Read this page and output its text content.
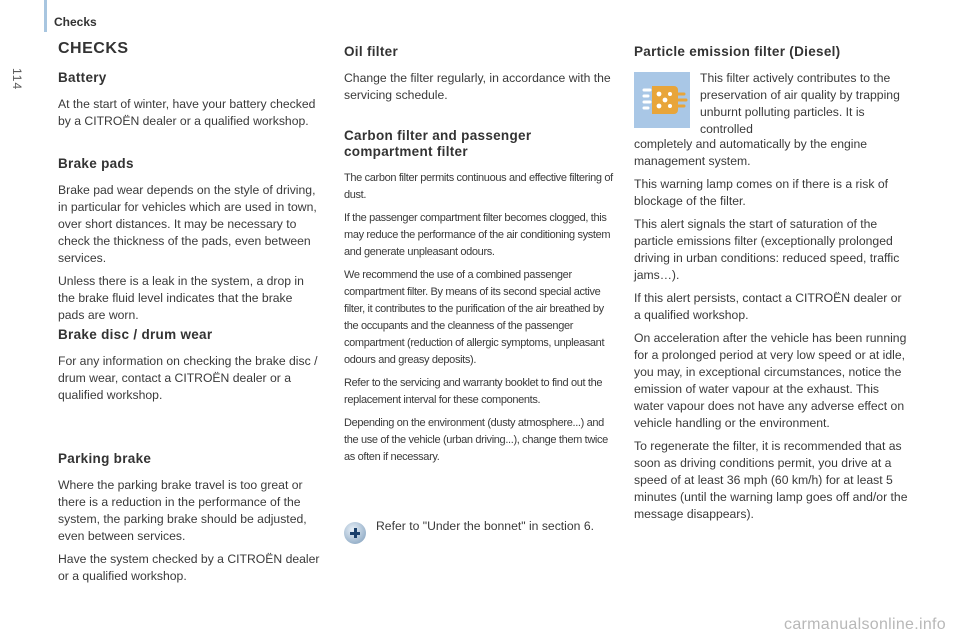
114
Checks
CHECKS
Battery

At the start of winter, have your battery checked by a CITROËN dealer or a qualified workshop.

Brake pads

Brake pad wear depends on the style of driving, in particular for vehicles which are used in town, over short distances. It may be necessary to check the thickness of the pads, even between services.

Unless there is a leak in the system, a drop in the brake fluid level indicates that the brake pads are worn.

Brake disc / drum wear

For any information on checking the brake disc / drum wear, contact a CITROËN dealer or a qualified workshop.

Parking brake

Where the parking brake travel is too great or there is a reduction in the performance of the system, the parking brake should be adjusted, even between services.

Have the system checked by a CITROËN dealer or a qualified workshop.

Oil filter

Change the filter regularly, in accordance with the servicing schedule.

Carbon filter and passenger compartment filter

The carbon filter permits continuous and effective filtering of dust.

If the passenger compartment filter becomes clogged, this may reduce the performance of the air conditioning system and generate unpleasant odours.

We recommend the use of a combined passenger compartment filter. By means of its second special active filter, it contributes to the purification of the air breathed by the occupants and the cleanness of the passenger compartment (reduction of allergic symptoms, unpleasant odours and greasy deposits).

Refer to the servicing and warranty booklet to find out the replacement interval for these components.

Depending on the environment (dusty atmosphere...) and the use of the vehicle (urban driving...), change them twice as often if necessary.

Refer to "Under the bonnet" in section 6.

Particle emission filter (Diesel)

This filter actively contributes to the preservation of air quality by trapping unburnt polluting particles. It is controlled

completely and automatically by the engine management system.

This warning lamp comes on if there is a risk of blockage of the filter.

This alert signals the start of saturation of the particle emissions filter (exceptionally prolonged driving in urban conditions: reduced speed, traffic jams…).

If this alert persists, contact a CITROËN dealer or a qualified workshop.

On acceleration after the vehicle has been running for a prolonged period at very low speed or at idle, you may, in exceptional circumstances, notice the emission of water vapour at the exhaust. This water vapour does not have any adverse effect on vehicle handling or the environment.

To regenerate the filter, it is recommended that as soon as driving conditions permit, you drive at a speed of at least 36 mph (60 km/h) for at least 5 minutes (until the warning lamp goes off and/or the message disappears).

carmanualsonline.info
